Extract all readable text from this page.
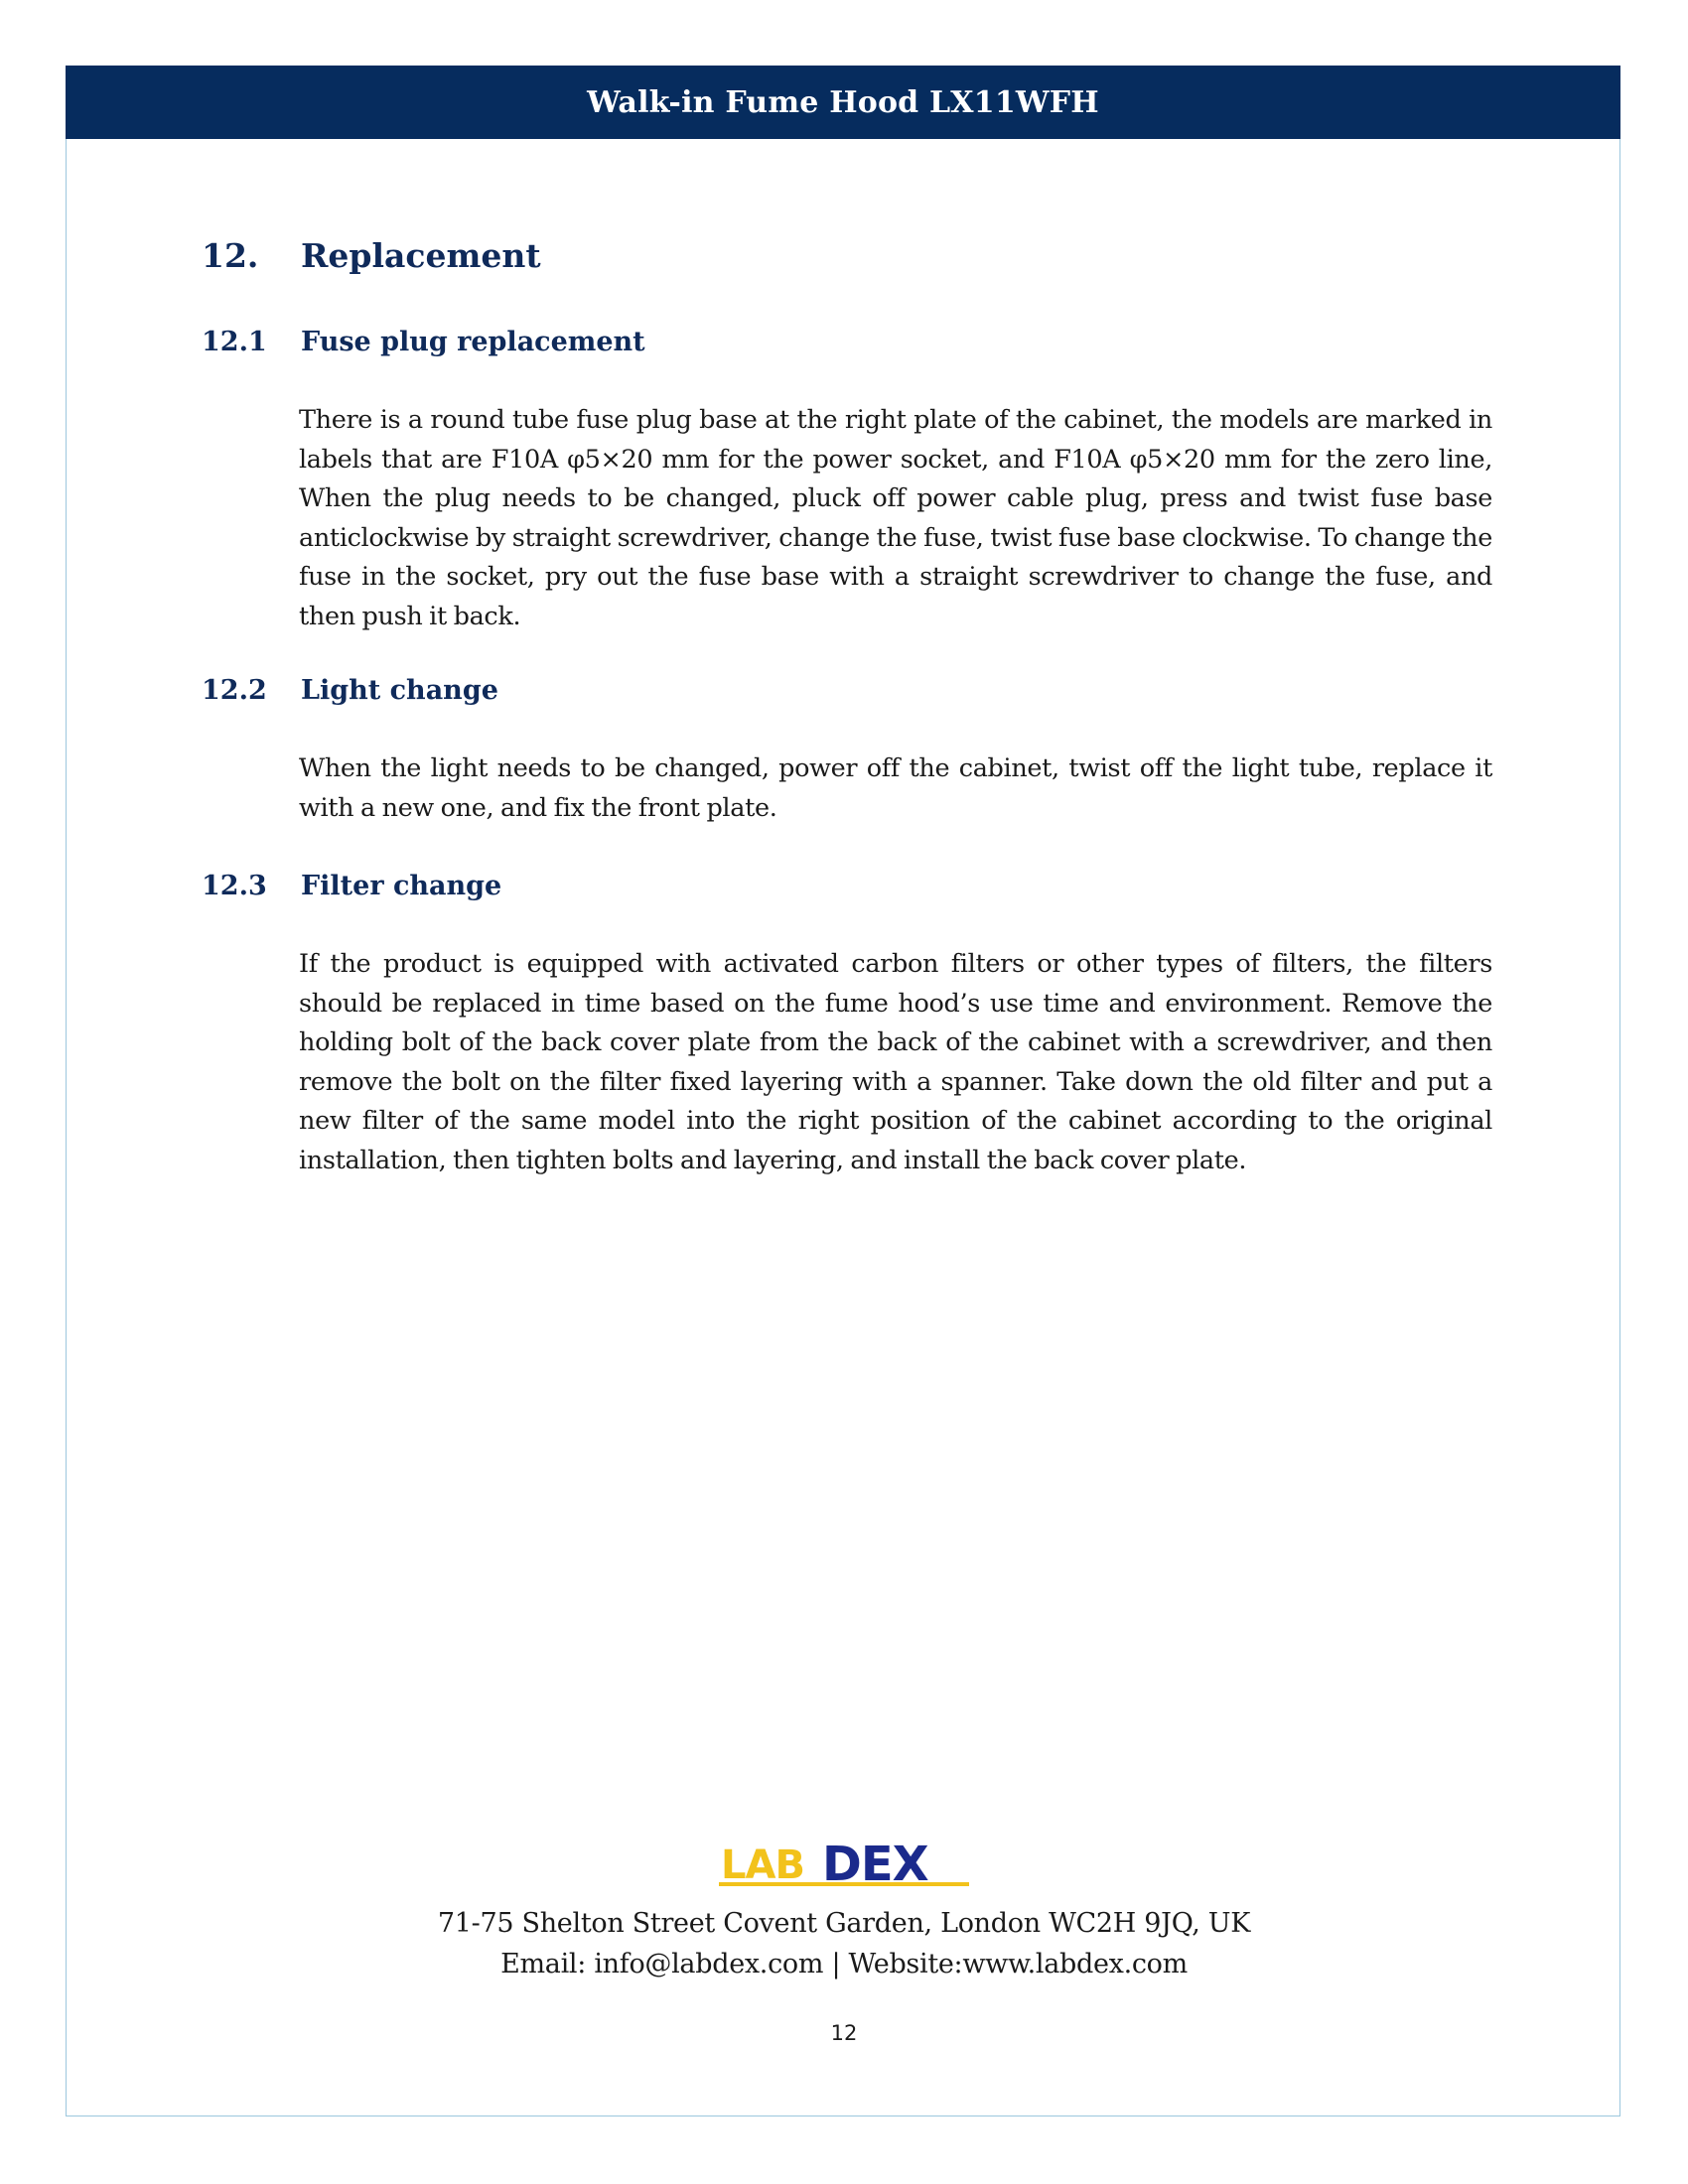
Walk-in Fume Hood LX11WFH
12. Replacement
12.1 Fuse plug replacement
There is a round tube fuse plug base at the right plate of the cabinet, the models are marked in labels that are F10A φ5×20 mm for the power socket, and F10A φ5×20 mm for the zero line, When the plug needs to be changed, pluck off power cable plug, press and twist fuse base anticlockwise by straight screwdriver, change the fuse, twist fuse base clockwise. To change the fuse in the socket, pry out the fuse base with a straight screwdriver to change the fuse, and then push it back.
12.2 Light change
When the light needs to be changed, power off the cabinet, twist off the light tube, replace it with a new one, and fix the front plate.
12.3 Filter change
If the product is equipped with activated carbon filters or other types of filters, the filters should be replaced in time based on the fume hood’s use time and environment. Remove the holding bolt of the back cover plate from the back of the cabinet with a screwdriver, and then remove the bolt on the filter fixed layering with a spanner. Take down the old filter and put a new filter of the same model into the right position of the cabinet according to the original installation, then tighten bolts and layering, and install the back cover plate.
LAB DEX
71-75 Shelton Street Covent Garden, London WC2H 9JQ, UK
Email: info@labdex.com | Website:www.labdex.com
12
